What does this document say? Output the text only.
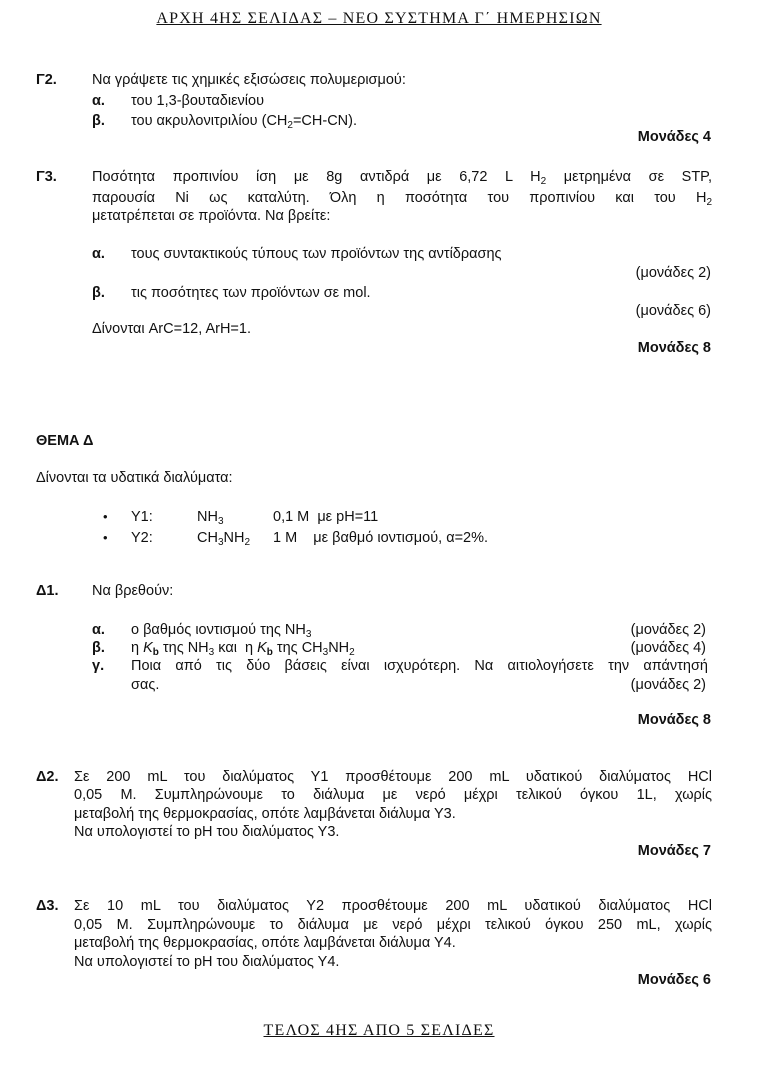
ΑΡΧΗ 4ΗΣ ΣΕΛΙΔΑΣ – ΝΕΟ ΣΥΣΤΗΜΑ Γ΄ ΗΜΕΡΗΣΙΩΝ
Γ2. Να γράψετε τις χημικές εξισώσεις πολυμερισμού:
α. του 1,3-βουταδιενίου
β. του ακρυλονιτριλίου $(CH_2=CH-CN)$.
Μονάδες 4
Γ3. Ποσότητα προπινίου ίση με 8g αντιδρά με 6,72 L $H_2$ μετρημένα σε STP,
παρουσία Ni ως καταλύτη. Όλη η ποσότητα του προπινίου και του $H_2$
μετατρέπεται σε προϊόντα. Να βρείτε:
α. τους συντακτικούς τύπους των προϊόντων της αντίδρασης
(μονάδες 2)
β. τις ποσότητες των προϊόντων σε mol.
(μονάδες 6)
Δίνονται ArC=12, ArH=1.
Μονάδες 8
ΘΕΜΑ Δ
Δίνονται τα υδατικά διαλύματα:
• Υ1:	$NH_3$	0,1 M  με pH=11
• Υ2:	$CH_3NH_2$ 1 M    με βαθμό ιοντισμού, α=2%.
Δ1. Να βρεθούν:
α. ο βαθμός ιοντισμού της $NH_3$	(μονάδες 2)
β. η $K_b$ της $NH_3$ και  η $K_b$ της $CH_3NH_2$	(μονάδες 4)
γ. Ποια από τις δύο βάσεις είναι ισχυρότερη. Να αιτιολογήσετε την απάντησή
σας.	(μονάδες 2)
Μονάδες 8
Δ2. Σε 200 mL του διαλύματος Υ1 προσθέτουμε 200 mL υδατικού διαλύματος HCl
0,05 M. Συμπληρώνουμε το διάλυμα με νερό μέχρι τελικού όγκου 1L, χωρίς
μεταβολή της θερμοκρασίας, οπότε λαμβάνεται διάλυμα Υ3.
Να υπολογιστεί το pH του διαλύματος Υ3.
Μονάδες 7
Δ3. Σε 10 mL του διαλύματος Υ2 προσθέτουμε 200 mL υδατικού διαλύματος HCl
0,05 M. Συμπληρώνουμε το διάλυμα με νερό μέχρι τελικού όγκου 250 mL, χωρίς
μεταβολή της θερμοκρασίας, οπότε λαμβάνεται διάλυμα Υ4.
Να υπολογιστεί το pH του διαλύματος Υ4.
Μονάδες 6
ΤΕΛΟΣ 4ΗΣ ΑΠΟ 5 ΣΕΛΙΔΕΣ
